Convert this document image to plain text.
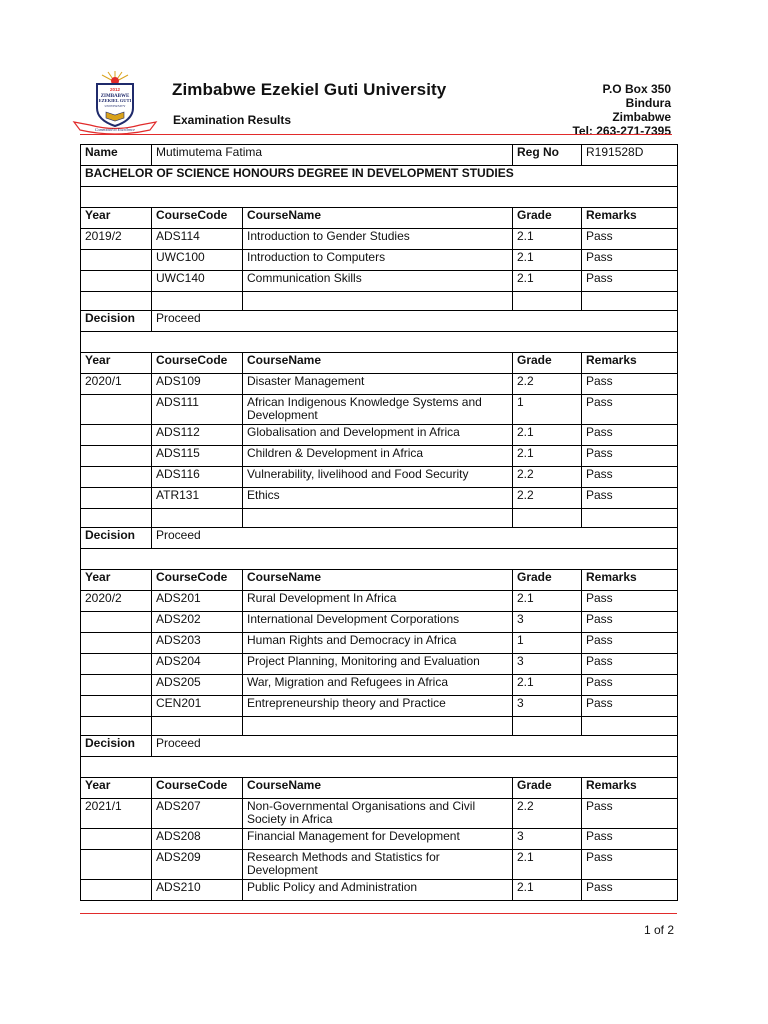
2012
ZIMBABWE
EZEKIEL GUTI
UNIVERSITY
Committed to Excellence
Zimbabwe Ezekiel Guti University
Examination Results
P.O Box 350
Bindura
Zimbabwe
Tel: 263-271-7395
Name	Mutimutema Fatima		Reg No	R191528D
BACHELOR OF SCIENCE HONOURS DEGREE IN DEVELOPMENT STUDIES				

Year	CourseCode	CourseName	Grade	Remarks
2019/2	ADS114	Introduction to Gender Studies	2.1	Pass
	UWC100	Introduction to Computers	2.1	Pass
	UWC140	Communication Skills	2.1	Pass

Decision	Proceed			

Year	CourseCode	CourseName	Grade	Remarks
2020/1	ADS109	Disaster Management	2.2	Pass
	ADS111	African Indigenous Knowledge Systems and Development	1	Pass
	ADS112	Globalisation and Development in Africa	2.1	Pass
	ADS115	Children & Development in Africa	2.1	Pass
	ADS116	Vulnerability, livelihood and Food Security	2.2	Pass
	ATR131	Ethics	2.2	Pass

Decision	Proceed			

Year	CourseCode	CourseName	Grade	Remarks
2020/2	ADS201	Rural Development In Africa	2.1	Pass
	ADS202	International Development Corporations	3	Pass
	ADS203	Human Rights and Democracy in Africa	1	Pass
	ADS204	Project Planning, Monitoring and Evaluation	3	Pass
	ADS205	War, Migration and Refugees in Africa	2.1	Pass
	CEN201	Entrepreneurship theory and Practice	3	Pass

Decision	Proceed			

Year	CourseCode	CourseName	Grade	Remarks
2021/1	ADS207	Non-Governmental Organisations and Civil Society in Africa	2.2	Pass
	ADS208	Financial Management for Development	3	Pass
	ADS209	Research Methods and Statistics for Development	2.1	Pass
	ADS210	Public Policy and Administration	2.1	Pass
1 of 2
